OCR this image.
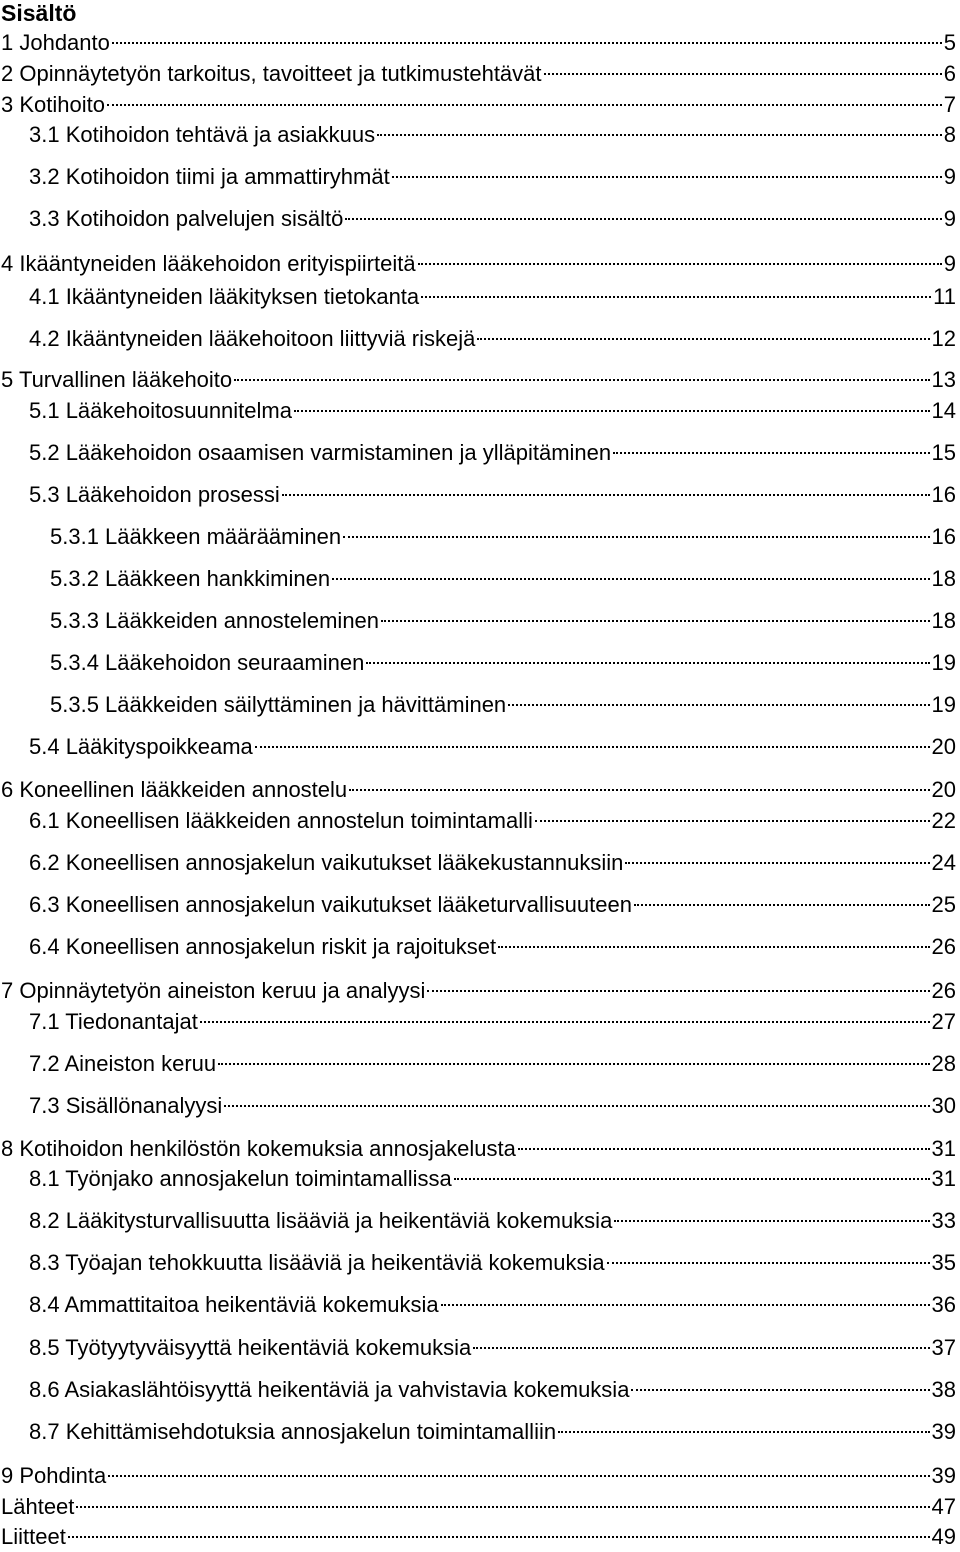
Sisältö
1 Johdanto	5
2 Opinnäytetyön tarkoitus, tavoitteet ja tutkimustehtävät	6
3 Kotihoito	7
3.1 Kotihoidon tehtävä ja asiakkuus	8
3.2 Kotihoidon tiimi ja ammattiryhmät	9
3.3 Kotihoidon palvelujen sisältö	9
4 Ikääntyneiden lääkehoidon erityispiirteitä	9
4.1 Ikääntyneiden lääkityksen tietokanta	11
4.2 Ikääntyneiden lääkehoitoon liittyviä riskejä	12
5 Turvallinen lääkehoito	13
5.1 Lääkehoitosuunnitelma	14
5.2 Lääkehoidon osaamisen varmistaminen ja ylläpitäminen	15
5.3 Lääkehoidon prosessi	16
5.3.1 Lääkkeen määrääminen	16
5.3.2 Lääkkeen hankkiminen	18
5.3.3 Lääkkeiden annosteleminen	18
5.3.4 Lääkehoidon seuraaminen	19
5.3.5 Lääkkeiden säilyttäminen ja hävittäminen	19
5.4 Lääkityspoikkeama	20
6 Koneellinen lääkkeiden annostelu	20
6.1 Koneellisen lääkkeiden annostelun toimintamalli	22
6.2 Koneellisen annosjakelun vaikutukset lääkekustannuksiin	24
6.3 Koneellisen annosjakelun vaikutukset lääketurvallisuuteen	25
6.4 Koneellisen annosjakelun riskit ja rajoitukset	26
7 Opinnäytetyön aineiston keruu ja analyysi	26
7.1 Tiedonantajat	27
7.2 Aineiston keruu	28
7.3 Sisällönanalyysi	30
8 Kotihoidon henkilöstön kokemuksia annosjakelusta	31
8.1 Työnjako annosjakelun toimintamallissa	31
8.2 Lääkitysturvallisuutta lisääviä ja heikentäviä kokemuksia	33
8.3 Työajan tehokkuutta lisääviä ja heikentäviä kokemuksia	35
8.4 Ammattitaitoa heikentäviä kokemuksia	36
8.5 Työtyytyväisyyttä heikentäviä kokemuksia	37
8.6 Asiakaslähtöisyyttä heikentäviä ja vahvistavia kokemuksia	38
8.7 Kehittämisehdotuksia annosjakelun toimintamalliin	39
9 Pohdinta	39
Lähteet	47
Liitteet	49
